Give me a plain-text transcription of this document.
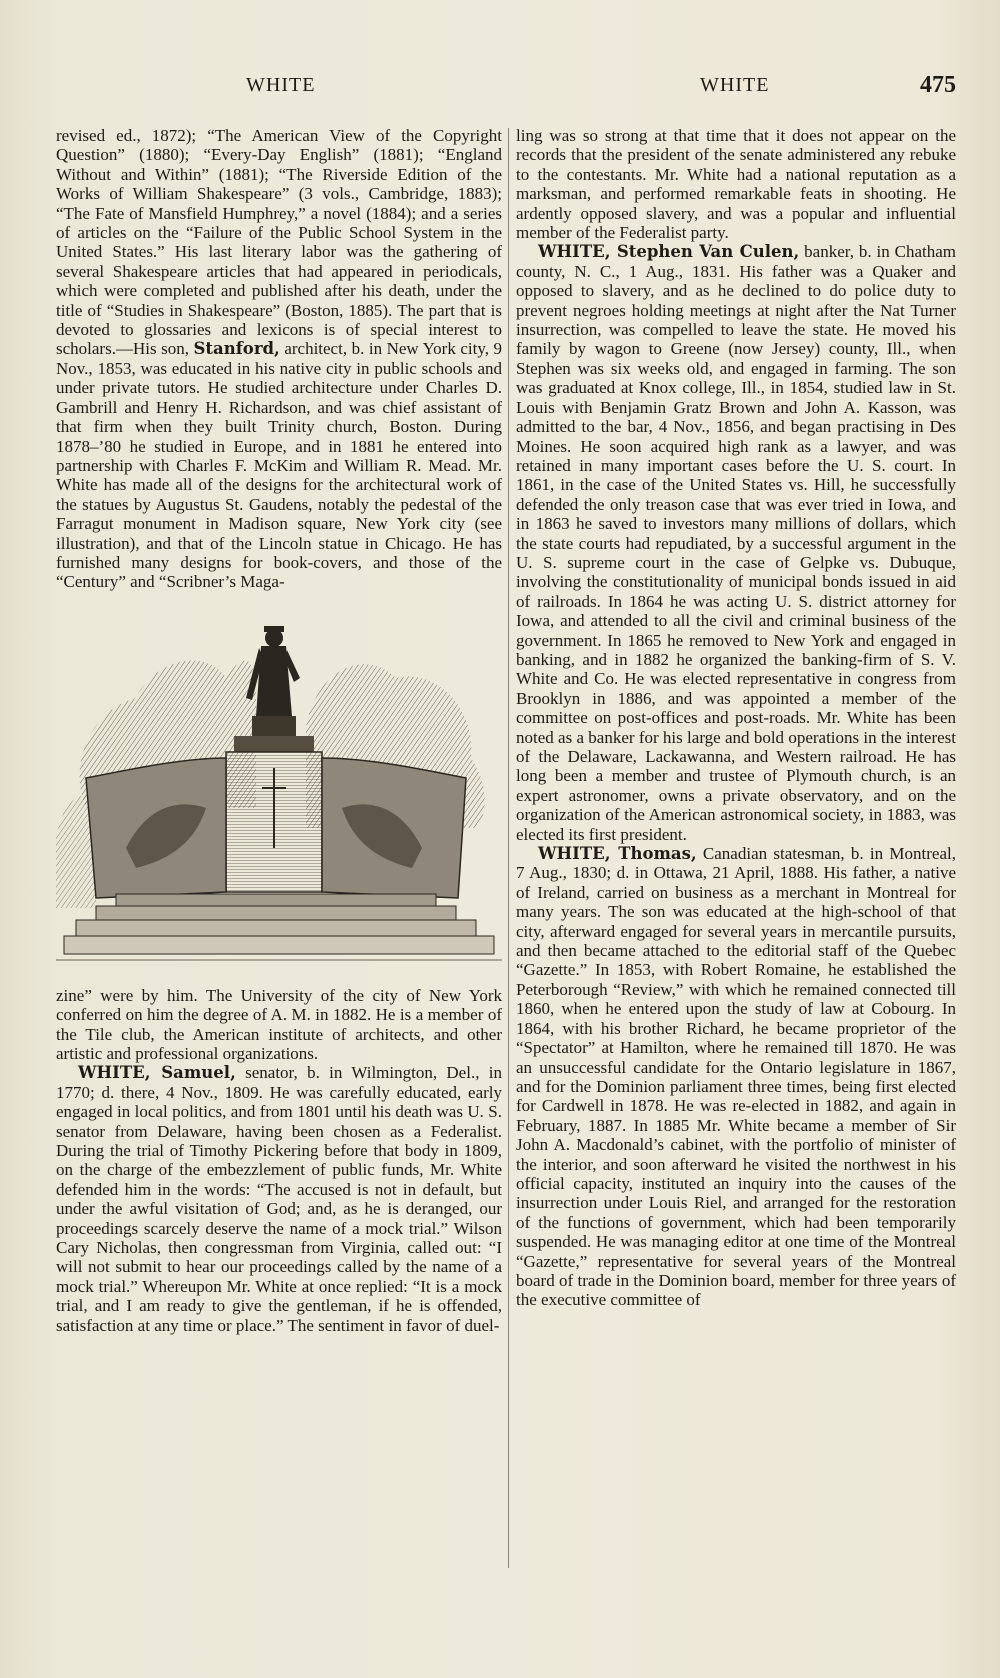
WHITE	WHITE	475

revised ed., 1872); “The American View of the Copyright Question” (1880); “Every-Day English” (1881); “England Without and Within” (1881); “The Riverside Edition of the Works of William Shakespeare” (3 vols., Cambridge, 1883); “The Fate of Mansfield Humphrey,” a novel (1884); and a series of articles on the “Failure of the Public School System in the United States.” His last literary labor was the gathering of several Shakespeare articles that had appeared in periodicals, which were completed and published after his death, under the title of “Studies in Shakespeare” (Boston, 1885). The part that is devoted to glossaries and lexicons is of special interest to scholars.—His son, Stanford, architect, b. in New York city, 9 Nov., 1853, was educated in his native city in public schools and under private tutors. He studied architecture under Charles D. Gambrill and Henry H. Richardson, and was chief assistant of that firm when they built Trinity church, Boston. During 1878–’80 he studied in Europe, and in 1881 he entered into partnership with Charles F. McKim and William R. Mead. Mr. White has made all of the designs for the architectural work of the statues by Augustus St. Gaudens, notably the pedestal of the Farragut monument in Madison square, New York city (see illustration), and that of the Lincoln statue in Chicago. He has furnished many designs for book-covers, and those of the “Century” and “Scribner’s Maga-

zine” were by him. The University of the city of New York conferred on him the degree of A. M. in 1882. He is a member of the Tile club, the American institute of architects, and other artistic and professional organizations.

WHITE, Samuel, senator, b. in Wilmington, Del., in 1770; d. there, 4 Nov., 1809. He was carefully educated, early engaged in local politics, and from 1801 until his death was U. S. senator from Delaware, having been chosen as a Federalist. During the trial of Timothy Pickering before that body in 1809, on the charge of the embezzlement of public funds, Mr. White defended him in the words: “The accused is not in default, but under the awful visitation of God; and, as he is deranged, our proceedings scarcely deserve the name of a mock trial.” Wilson Cary Nicholas, then congressman from Virginia, called out: “I will not submit to hear our proceedings called by the name of a mock trial.” Whereupon Mr. White at once replied: “It is a mock trial, and I am ready to give the gentleman, if he is offended, satisfaction at any time or place.” The sentiment in favor of duel-

ling was so strong at that time that it does not appear on the records that the president of the senate administered any rebuke to the contestants. Mr. White had a national reputation as a marksman, and performed remarkable feats in shooting. He ardently opposed slavery, and was a popular and influential member of the Federalist party.

WHITE, Stephen Van Culen, banker, b. in Chatham county, N. C., 1 Aug., 1831. His father was a Quaker and opposed to slavery, and as he declined to do police duty to prevent negroes holding meetings at night after the Nat Turner insurrection, was compelled to leave the state. He moved his family by wagon to Greene (now Jersey) county, Ill., when Stephen was six weeks old, and engaged in farming. The son was graduated at Knox college, Ill., in 1854, studied law in St. Louis with Benjamin Gratz Brown and John A. Kasson, was admitted to the bar, 4 Nov., 1856, and began practising in Des Moines. He soon acquired high rank as a lawyer, and was retained in many important cases before the U. S. court. In 1861, in the case of the United States vs. Hill, he successfully defended the only treason case that was ever tried in Iowa, and in 1863 he saved to investors many millions of dollars, which the state courts had repudiated, by a successful argument in the U. S. supreme court in the case of Gelpke vs. Dubuque, involving the constitutionality of municipal bonds issued in aid of railroads. In 1864 he was acting U. S. district attorney for Iowa, and attended to all the civil and criminal business of the government. In 1865 he removed to New York and engaged in banking, and in 1882 he organized the banking-firm of S. V. White and Co. He was elected representative in congress from Brooklyn in 1886, and was appointed a member of the committee on post-offices and post-roads. Mr. White has been noted as a banker for his large and bold operations in the interest of the Delaware, Lackawanna, and Western railroad. He has long been a member and trustee of Plymouth church, is an expert astronomer, owns a private observatory, and on the organization of the American astronomical society, in 1883, was elected its first president.

WHITE, Thomas, Canadian statesman, b. in Montreal, 7 Aug., 1830; d. in Ottawa, 21 April, 1888. His father, a native of Ireland, carried on business as a merchant in Montreal for many years. The son was educated at the high-school of that city, afterward engaged for several years in mercantile pursuits, and then became attached to the editorial staff of the Quebec “Gazette.” In 1853, with Robert Romaine, he established the Peterborough “Review,” with which he remained connected till 1860, when he entered upon the study of law at Cobourg. In 1864, with his brother Richard, he became proprietor of the “Spectator” at Hamilton, where he remained till 1870. He was an unsuccessful candidate for the Ontario legislature in 1867, and for the Dominion parliament three times, being first elected for Cardwell in 1878. He was re-elected in 1882, and again in February, 1887. In 1885 Mr. White became a member of Sir John A. Macdonald’s cabinet, with the portfolio of minister of the interior, and soon afterward he visited the northwest in his official capacity, instituted an inquiry into the causes of the insurrection under Louis Riel, and arranged for the restoration of the functions of government, which had been temporarily suspended. He was managing editor at one time of the Montreal “Gazette,” representative for several years of the Montreal board of trade in the Dominion board, member for three years of the executive committee of
